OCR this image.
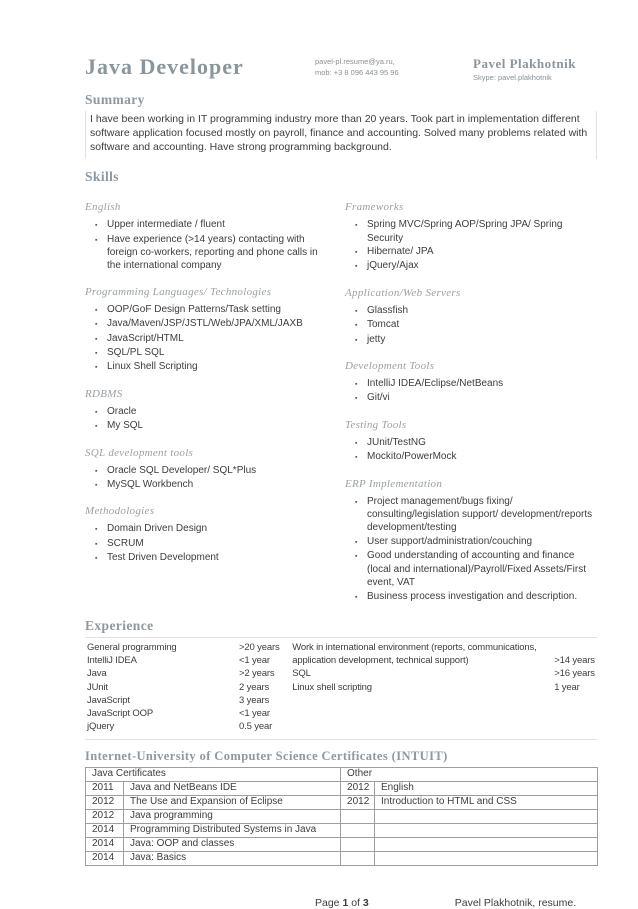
Java Developer	pavel-pl.resume@ya.ru,
mob: +3 8 096 443 95 96
Pavel Plakhotnik
Skype: pavel.plakhotnik
Summary
I have been working in IT programming industry more than 20 years. Took part in implementation different software application focused mostly on payroll, finance and accounting. Solved many problems related with software and accounting. Have strong programming background.
Skills
English
▪ Upper intermediate / fluent
▪ Have experience (>14 years) contacting with foreign co-workers, reporting and phone calls in the international company
Programming Languages/ Technologies
▪ OOP/GoF Design Patterns/Task setting
▪ Java/Maven/JSP/JSTL/Web/JPA/XML/JAXB
▪ JavaScript/HTML
▪ SQL/PL SQL
▪ Linux Shell Scripting
RDBMS
▪ Oracle
▪ My SQL
SQL development tools
▪ Oracle SQL Developer/ SQL*Plus
▪ MySQL Workbench
Methodologies
▪ Domain Driven Design
▪ SCRUM
▪ Test Driven Development
Frameworks
▪ Spring MVC/Spring AOP/Spring JPA/ Spring Security
▪ Hibernate/ JPA
▪ jQuery/Ajax
Application/Web Servers
▪ Glassfish
▪ Tomcat
▪ jetty
Development Tools
▪ IntelliJ IDEA/Eclipse/NetBeans
▪ Git/vi
Testing Tools
▪ JUnit/TestNG
▪ Mockito/PowerMock
ERP Implementation
▪ Project management/bugs fixing/ consulting/legislation support/ development/reports development/testing
▪ User support/administration/couching
▪ Good understanding of accounting and finance (local and international)/Payroll/Fixed Assets/First event, VAT
▪ Business process investigation and description.
Experience
General programming	>20 years
IntelliJ IDEA	<1 year
Java	>2 years
JUnit	2 years
JavaScript	3 years
JavaScript OOP	<1 year
jQuery	0.5 year
Work in international environment (reports, communications, application development, technical support)	>14 years
SQL	>16 years
Linux shell scripting	1 year
Internet-University of Computer Science Certificates (INTUIT)
Java Certificates		Other	
2011	Java and NetBeans IDE	2012	English
2012	The Use and Expansion of Eclipse	2012	Introduction to HTML and CSS
2012	Java programming		
2014	Programming Distributed Systems in Java		
2014	Java: OOP and classes		
2014	Java: Basics		
Page 1 of 3	Pavel Plakhotnik, resume.
